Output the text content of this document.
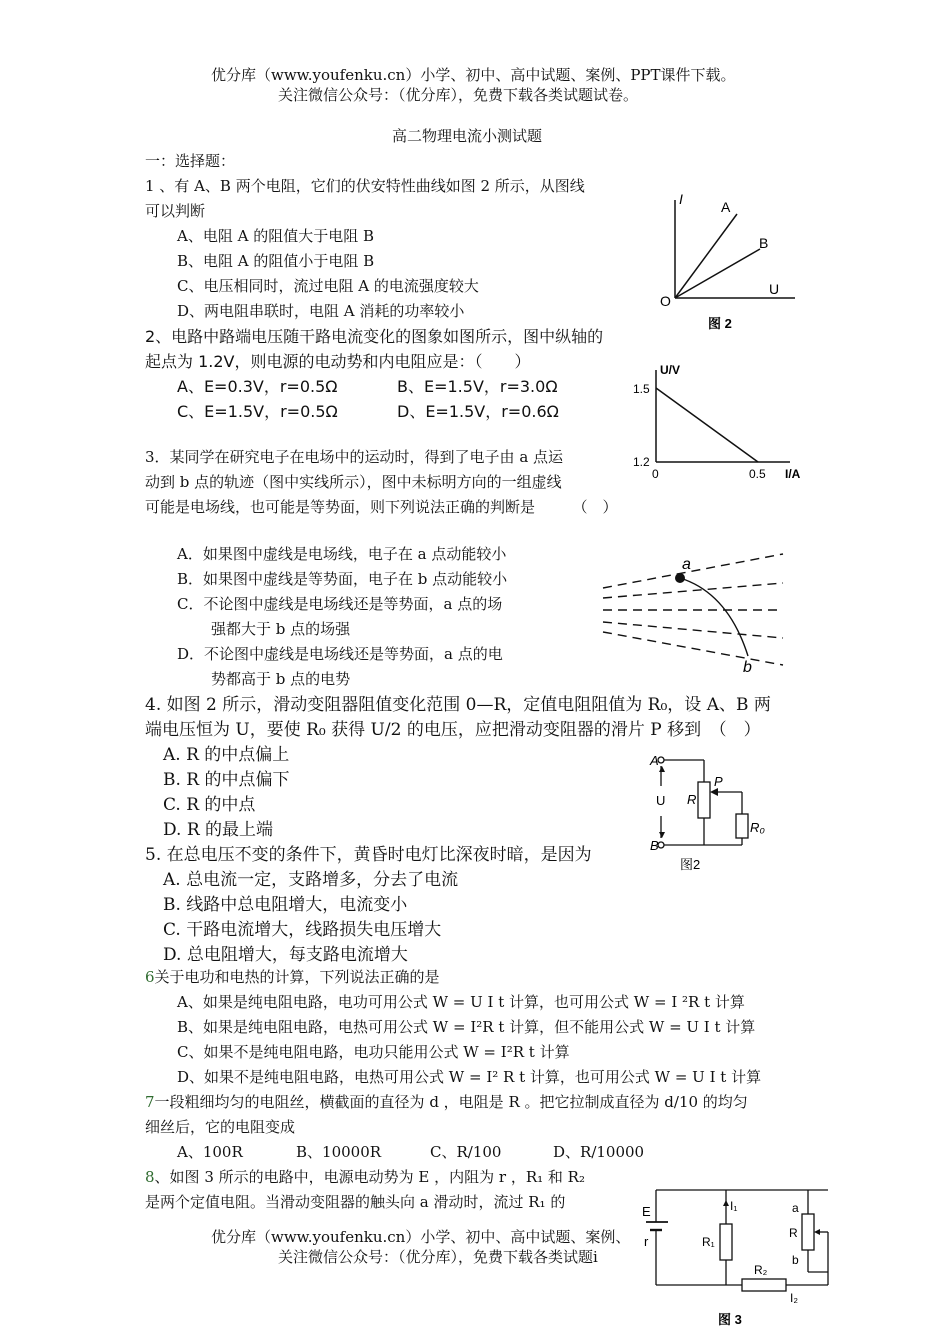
优分库（www.youfenku.cn）小学、初中、高中试题、案例、PPT课件下载。
关注微信公众号：（优分库），免费下载各类试题试卷。
高二物理电流小测试题
一：选择题：
1 、有 A、B 两个电阻，它们的伏安特性曲线如图 2 所示，从图线
可以判断
A、电阻 A 的阻值大于电阻 B
B、电阻 A 的阻值小于电阻 B
C、电压相同时，流过电阻 A 的电流强度较大
D、两电阻串联时，电阻 A 消耗的功率较小
I
U
O
A
B
图 2
2、电路中路端电压随干路电流变化的图象如图所示，图中纵轴的
起点为 1.2V，则电源的电动势和内电阻应是：（　　）
A、E=0.3V，r=0.5Ω	B、E=1.5V，r=3.0Ω
C、E=1.5V，r=0.5Ω	D、E=1.5V，r=0.6Ω
U/V
I/A
1.5
1.2
0	0.5
3．某同学在研究电子在电场中的运动时，得到了电子由 a 点运
动到 b 点的轨迹（图中实线所示），图中未标明方向的一组虚线
可能是电场线，也可能是等势面，则下列说法正确的判断是　　　（　）
A．如果图中虚线是电场线，电子在 a 点动能较小
B．如果图中虚线是等势面，电子在 b 点动能较小
C．不论图中虚线是电场线还是等势面，a 点的场
强都大于 b 点的场强
D．不论图中虚线是电场线还是等势面，a 点的电
势都高于 b 点的电势
a
b
4. 如图 2 所示，滑动变阻器阻值变化范围 0—R，定值电阻阻值为 R₀，设 A、B 两
端电压恒为 U，要使 R₀ 获得 U/2 的电压，应把滑动变阻器的滑片 P 移到　（　）
A. R 的中点偏上
B. R 的中点偏下
C. R 的中点
D. R 的最上端
5. 在总电压不变的条件下，黄昏时电灯比深夜时暗，是因为
A. 总电流一定，支路增多，分去了电流
B. 线路中总电阻增大，电流变小
C. 干路电流增大，线路损失电压增大
D. 总电阻增大，每支路电流增大
A
B
U R
P
R₀
图2
6关于电功和电热的计算，下列说法正确的是
A、如果是纯电阻电路，电功可用公式 W = U I t 计算，也可用公式 W = I ²R t 计算
B、如果是纯电阻电路，电热可用公式 W = I²R t 计算，但不能用公式 W = U I t 计算
C、如果不是纯电阻电路，电功只能用公式 W = I²R t 计算
D、如果不是纯电阻电路，电热可用公式 W = I² R t 计算，也可用公式 W = U I t 计算
7一段粗细均匀的电阻丝，横截面的直径为 d ，电阻是 R 。把它拉制成直径为 d/10 的均匀
细丝后，它的电阻变成
A、100R	B、10000R	C、R/100	D、R/10000
8、如图 3 所示的电路中，电源电动势为 E ，内阻为 r ，R₁ 和 R₂
是两个定值电阻。当滑动变阻器的触头向 a 滑动时，流过 R₁ 的
优分库（www.youfenku.cn）小学、初中、高中试题、案例、
关注微信公众号：（优分库），免费下载各类试题i
E
r
I₁
R₁
a
R
b
R₂
I₂
图 3
